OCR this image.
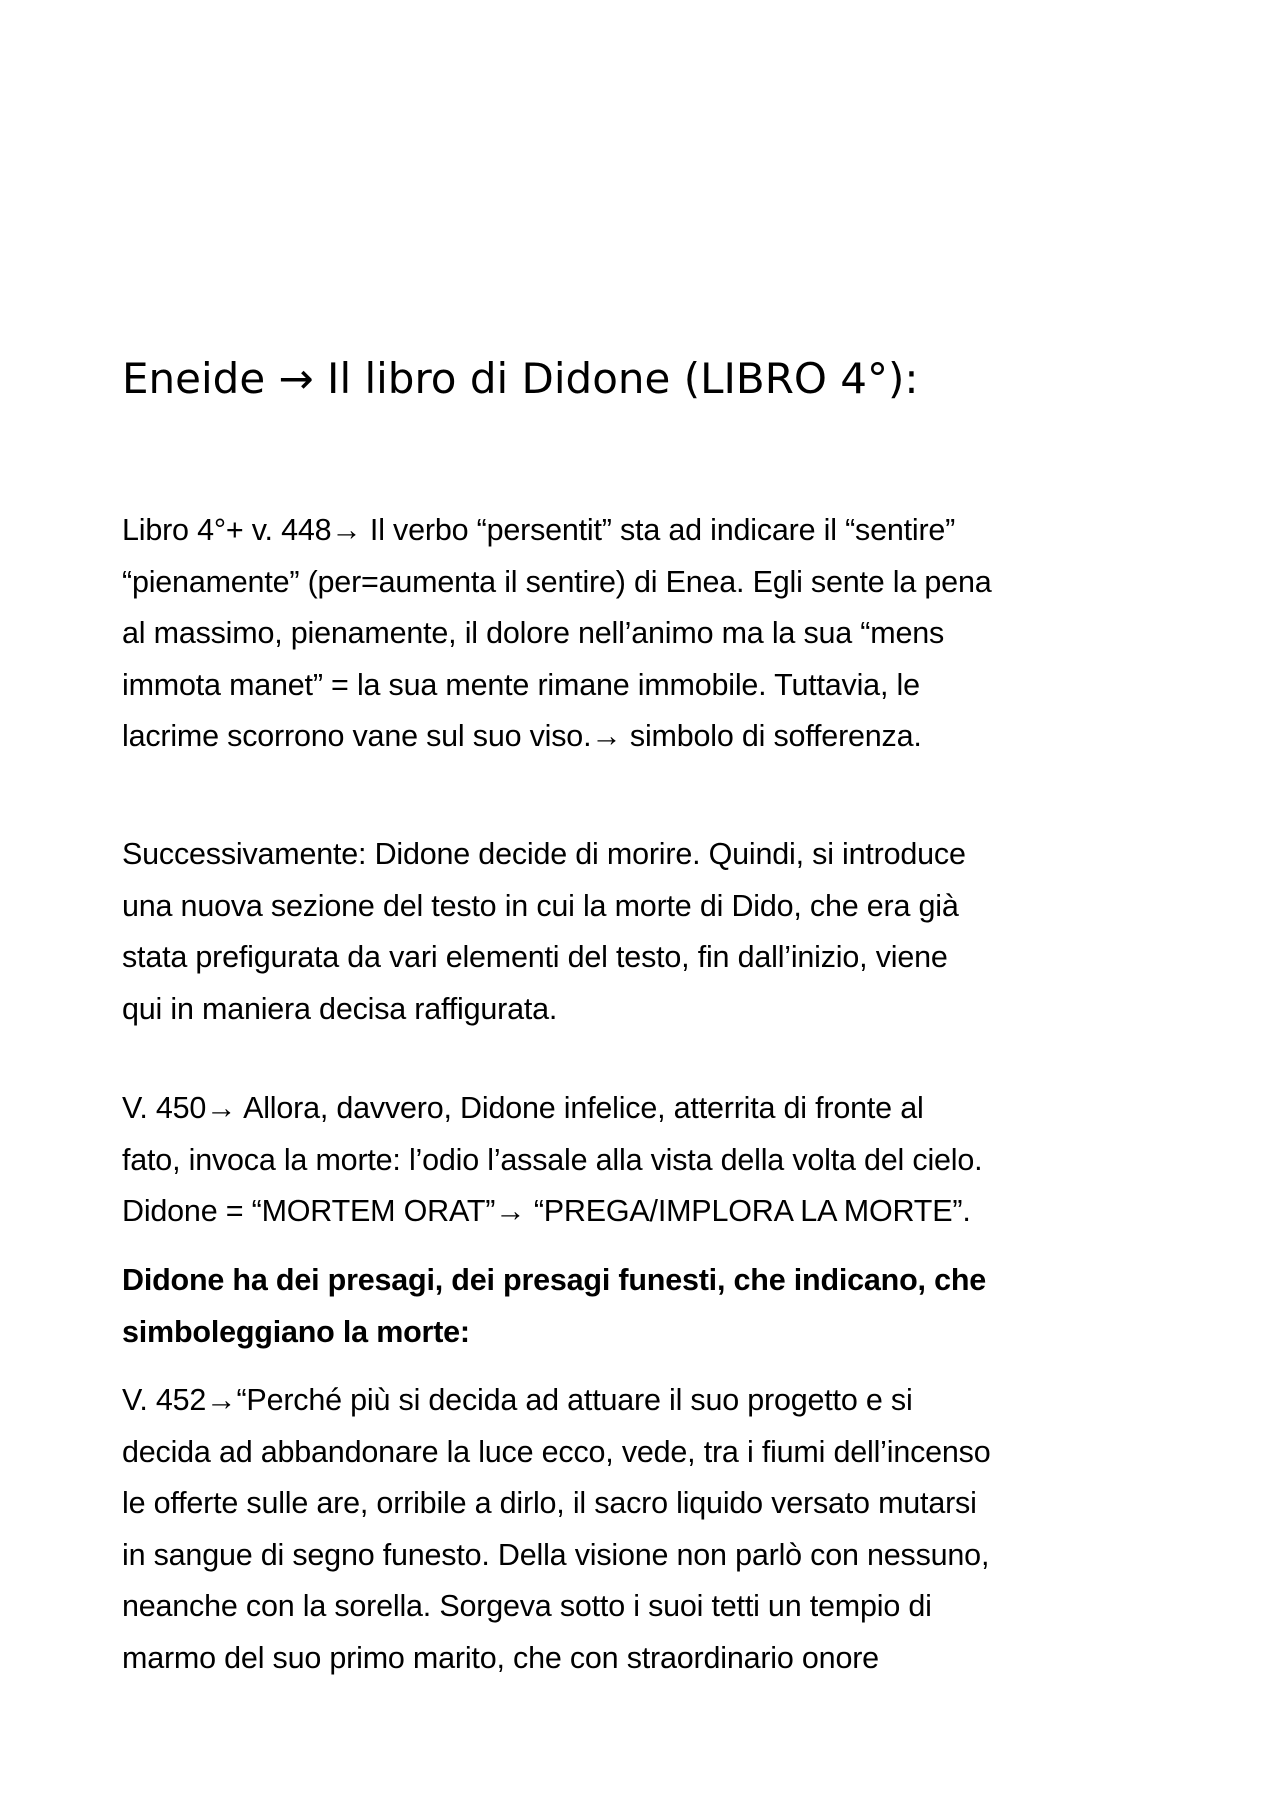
Eneide → Il libro di Didone (LIBRO 4°):
Libro 4°+ v. 448→ Il verbo “persentit” sta ad indicare il “sentire”
“pienamente” (per=aumenta il sentire) di Enea. Egli sente la pena
al massimo, pienamente, il dolore nell’animo ma la sua “mens
immota manet” = la sua mente rimane immobile. Tuttavia, le
lacrime scorrono vane sul suo viso.→ simbolo di sofferenza.
Successivamente: Didone decide di morire. Quindi, si introduce
una nuova sezione del testo in cui la morte di Dido, che era già
stata prefigurata da vari elementi del testo, fin dall’inizio, viene
qui in maniera decisa raffigurata.
V. 450→ Allora, davvero, Didone infelice, atterrita di fronte al
fato, invoca la morte: l’odio l’assale alla vista della volta del cielo.
Didone = “MORTEM ORAT”→ “PREGA/IMPLORA LA MORTE”.
Didone ha dei presagi, dei presagi funesti, che indicano, che
simboleggiano la morte:
V. 452→“Perché più si decida ad attuare il suo progetto e si
decida ad abbandonare la luce ecco, vede, tra i fiumi dell’incenso
le offerte sulle are, orribile a dirlo, il sacro liquido versato mutarsi
in sangue di segno funesto. Della visione non parlò con nessuno,
neanche con la sorella. Sorgeva sotto i suoi tetti un tempio di
marmo del suo primo marito, che con straordinario onore
